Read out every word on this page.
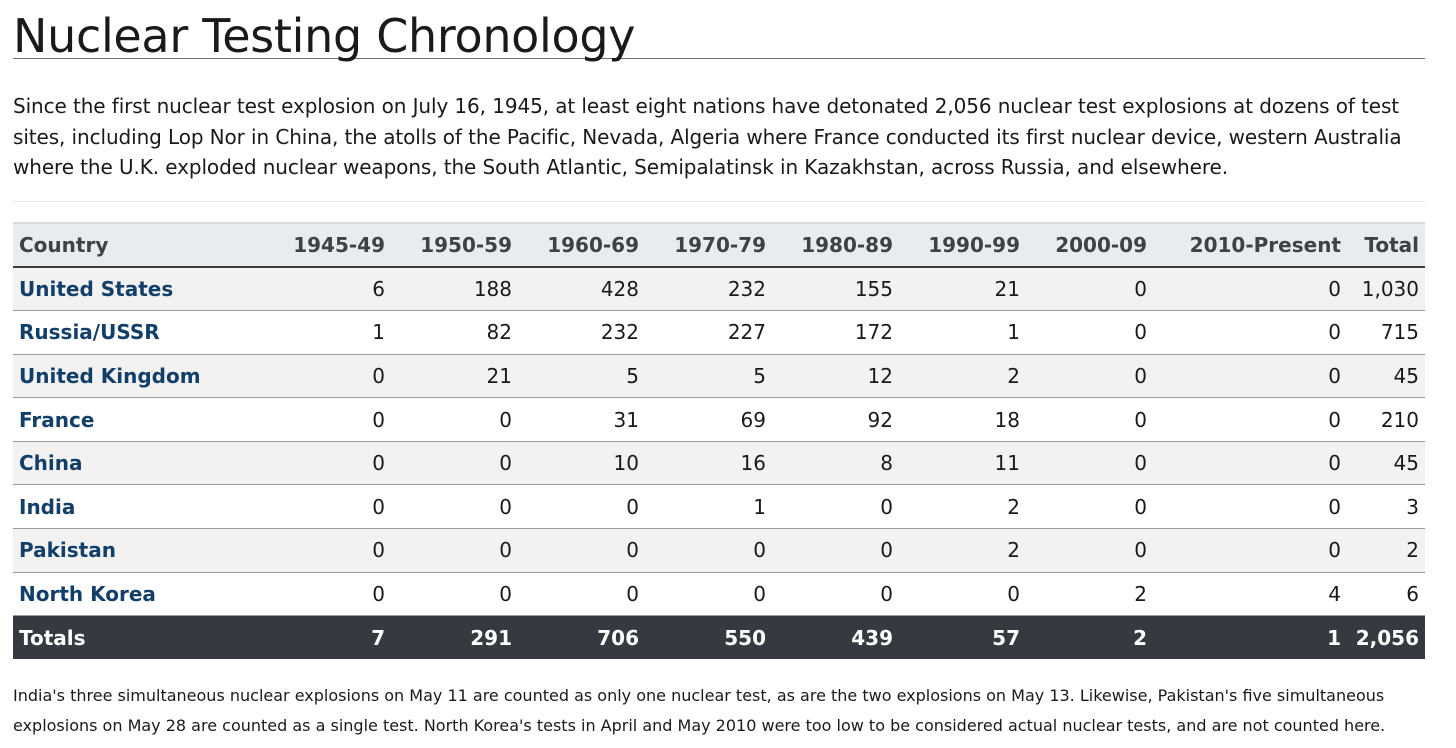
Nuclear Testing Chronology

Since the first nuclear test explosion on July 16, 1945, at least eight nations have detonated 2,056 nuclear test explosions at dozens of test sites, including Lop Nor in China, the atolls of the Pacific, Nevada, Algeria where France conducted its first nuclear device, western Australia where the U.K. exploded nuclear weapons, the South Atlantic, Semipalatinsk in Kazakhstan, across Russia, and elsewhere.

Country	1945-49	1950-59	1960-69	1970-79	1980-89	1990-99	2000-09	2010-Present	Total
United States	6	188	428	232	155	21	0	0	1,030
Russia/USSR	1	82	232	227	172	1	0	0	715
United Kingdom	0	21	5	5	12	2	0	0	45
France	0	0	31	69	92	18	0	0	210
China	0	0	10	16	8	11	0	0	45
India	0	0	0	1	0	2	0	0	3
Pakistan	0	0	0	0	0	2	0	0	2
North Korea	0	0	0	0	0	0	2	4	6
Totals	7	291	706	550	439	57	2	1	2,056

India's three simultaneous nuclear explosions on May 11 are counted as only one nuclear test, as are the two explosions on May 13. Likewise, Pakistan's five simultaneous explosions on May 28 are counted as a single test. North Korea's tests in April and May 2010 were too low to be considered actual nuclear tests, and are not counted here.
